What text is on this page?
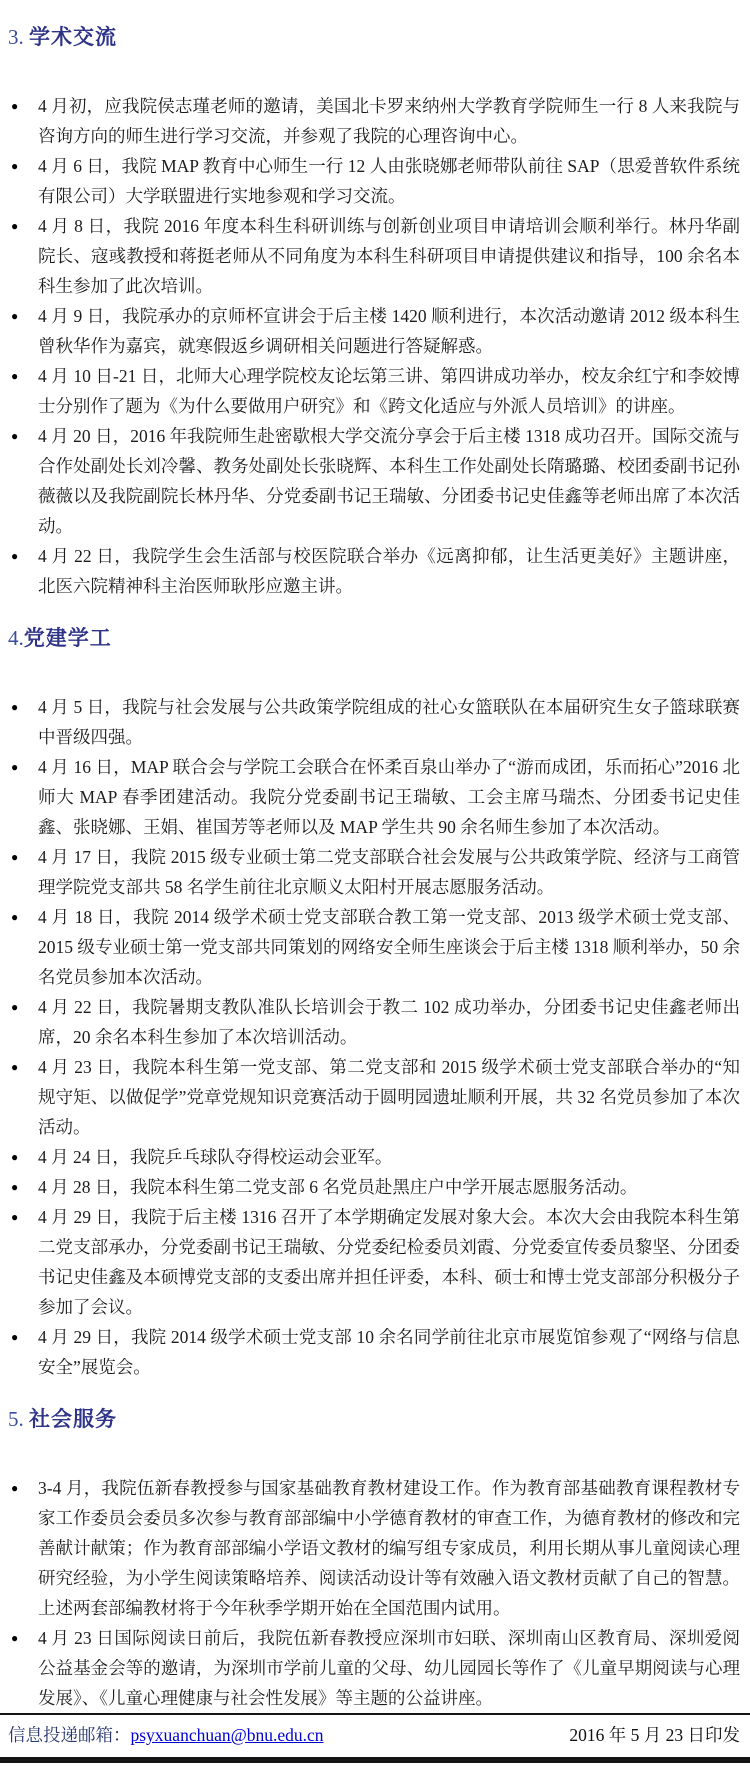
3. 学术交流
● 4 月初，应我院侯志瑾老师的邀请，美国北卡罗来纳州大学教育学院师生一行 8 人来我院与咨询方向的师生进行学习交流，并参观了我院的心理咨询中心。
● 4 月 6 日，我院 MAP 教育中心师生一行 12 人由张晓娜老师带队前往 SAP（思爱普软件系统有限公司）大学联盟进行实地参观和学习交流。
● 4 月 8 日，我院 2016 年度本科生科研训练与创新创业项目申请培训会顺利举行。林丹华副院长、寇彧教授和蒋挺老师从不同角度为本科生科研项目申请提供建议和指导，100 余名本科生参加了此次培训。
● 4 月 9 日，我院承办的京师杯宣讲会于后主楼 1420 顺利进行，本次活动邀请 2012 级本科生曾秋华作为嘉宾，就寒假返乡调研相关问题进行答疑解惑。
● 4 月 10 日-21 日，北师大心理学院校友论坛第三讲、第四讲成功举办，校友余红宁和李姣博士分别作了题为《为什么要做用户研究》和《跨文化适应与外派人员培训》的讲座。
● 4 月 20 日，2016 年我院师生赴密歇根大学交流分享会于后主楼 1318 成功召开。国际交流与合作处副处长刘冷馨、教务处副处长张晓辉、本科生工作处副处长隋璐璐、校团委副书记孙薇薇以及我院副院长林丹华、分党委副书记王瑞敏、分团委书记史佳鑫等老师出席了本次活动。
● 4 月 22 日，我院学生会生活部与校医院联合举办《远离抑郁，让生活更美好》主题讲座，北医六院精神科主治医师耿彤应邀主讲。
4.党建学工
● 4 月 5 日，我院与社会发展与公共政策学院组成的社心女篮联队在本届研究生女子篮球联赛中晋级四强。
● 4 月 16 日，MAP 联合会与学院工会联合在怀柔百泉山举办了“游而成团，乐而拓心”2016 北师大 MAP 春季团建活动。我院分党委副书记王瑞敏、工会主席马瑞杰、分团委书记史佳鑫、张晓娜、王娟、崔国芳等老师以及 MAP 学生共 90 余名师生参加了本次活动。
● 4 月 17 日，我院 2015 级专业硕士第二党支部联合社会发展与公共政策学院、经济与工商管理学院党支部共 58 名学生前往北京顺义太阳村开展志愿服务活动。
● 4 月 18 日，我院 2014 级学术硕士党支部联合教工第一党支部、2013 级学术硕士党支部、2015 级专业硕士第一党支部共同策划的网络安全师生座谈会于后主楼 1318 顺利举办，50 余名党员参加本次活动。
● 4 月 22 日，我院暑期支教队准队长培训会于教二 102 成功举办，分团委书记史佳鑫老师出席，20 余名本科生参加了本次培训活动。
● 4 月 23 日，我院本科生第一党支部、第二党支部和 2015 级学术硕士党支部联合举办的“知规守矩、以做促学”党章党规知识竞赛活动于圆明园遗址顺利开展，共 32 名党员参加了本次活动。
● 4 月 24 日，我院乒乓球队夺得校运动会亚军。
● 4 月 28 日，我院本科生第二党支部 6 名党员赴黑庄户中学开展志愿服务活动。
● 4 月 29 日，我院于后主楼 1316 召开了本学期确定发展对象大会。本次大会由我院本科生第二党支部承办，分党委副书记王瑞敏、分党委纪检委员刘霞、分党委宣传委员黎坚、分团委书记史佳鑫及本硕博党支部的支委出席并担任评委，本科、硕士和博士党支部部分积极分子参加了会议。
● 4 月 29 日，我院 2014 级学术硕士党支部 10 余名同学前往北京市展览馆参观了“网络与信息安全”展览会。
5. 社会服务
● 3-4 月，我院伍新春教授参与国家基础教育教材建设工作。作为教育部基础教育课程教材专家工作委员会委员多次参与教育部部编中小学德育教材的审查工作，为德育教材的修改和完善献计献策；作为教育部部编小学语文教材的编写组专家成员，利用长期从事儿童阅读心理研究经验，为小学生阅读策略培养、阅读活动设计等有效融入语文教材贡献了自己的智慧。上述两套部编教材将于今年秋季学期开始在全国范围内试用。
● 4 月 23 日国际阅读日前后，我院伍新春教授应深圳市妇联、深圳南山区教育局、深圳爱阅公益基金会等的邀请，为深圳市学前儿童的父母、幼儿园园长等作了《儿童早期阅读与心理发展》、《儿童心理健康与社会性发展》等主题的公益讲座。
信息投递邮箱：psyxuanchuan@bnu.edu.cn	2016 年 5 月 23 日印发
